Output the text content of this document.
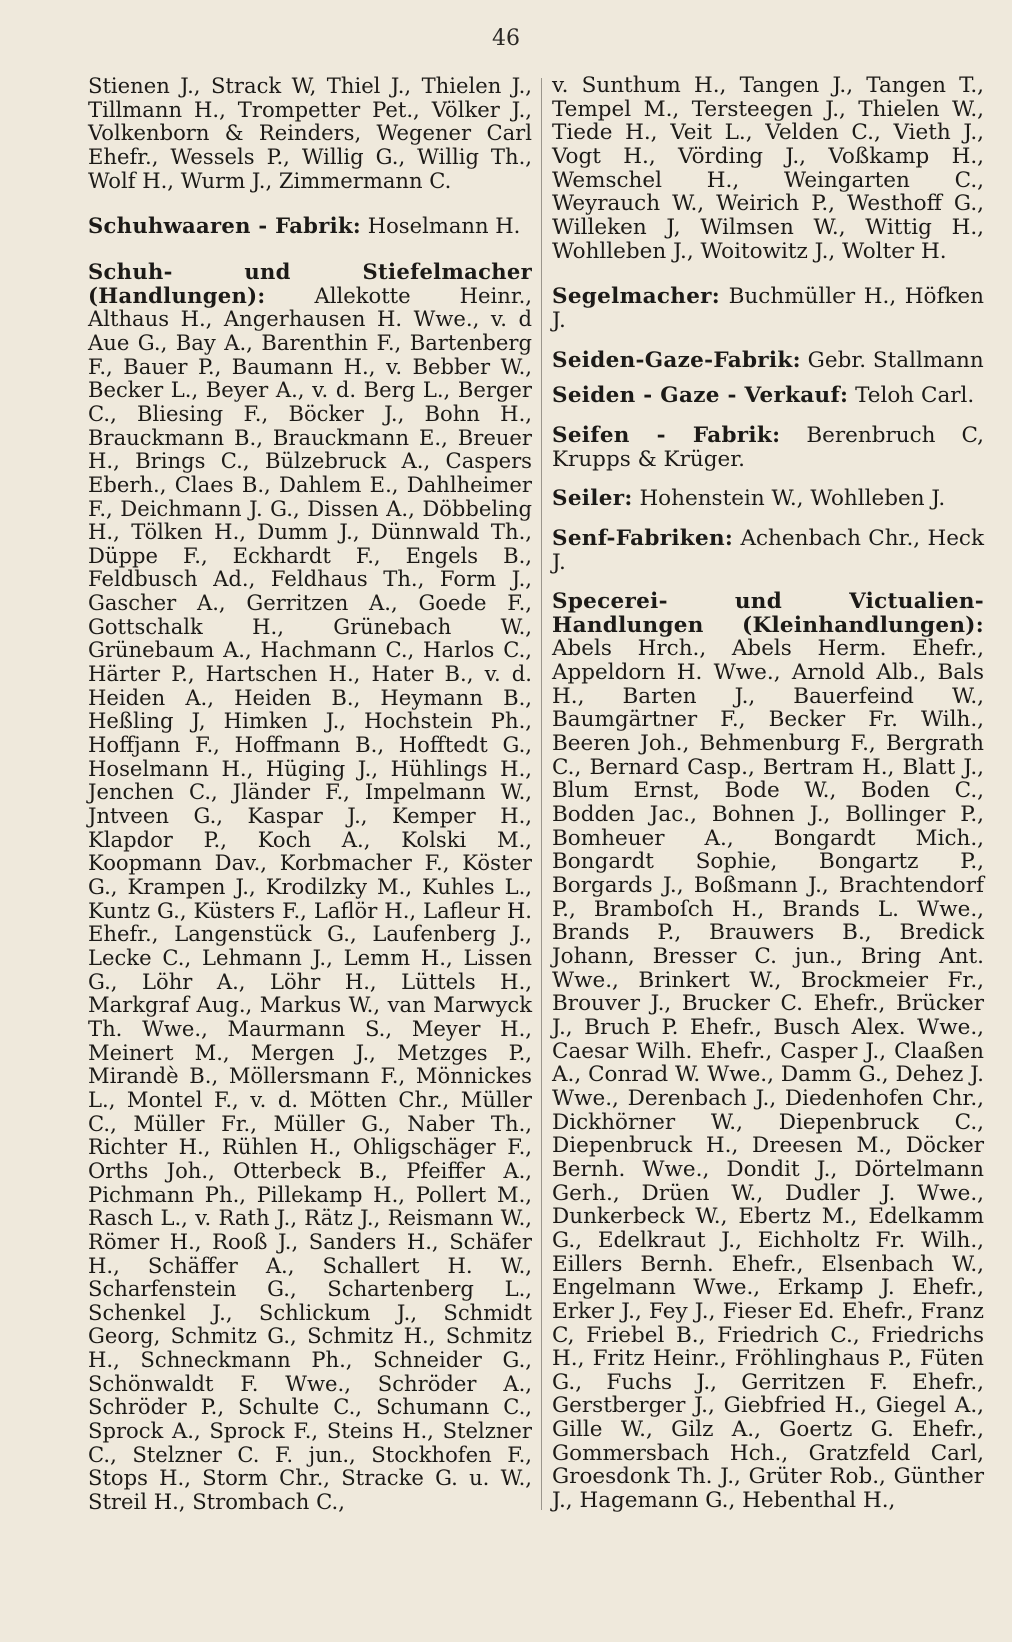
46

Stienen J., Strack W, Thiel J., Thielen J., Tillmann H., Trompetter Pet., Völker J., Volkenborn & Reinders, Wegener Carl Ehefr., Wessels P., Willig G., Willig Th., Wolf H., Wurm J., Zimmermann C.

Schuhwaaren - Fabrik: Hoselmann H.

Schuh- und Stiefelmacher (Handlungen): Allekotte Heinr., Althaus H., Angerhausen H. Wwe., v. d Aue G., Bay A., Barenthin F., Bartenberg F., Bauer P., Baumann H., v. Bebber W., Becker L., Beyer A., v. d. Berg L., Berger C., Bliesing F., Böcker J., Bohn H., Brauckmann B., Brauckmann E., Breuer H., Brings C., Bülzebruck A., Caspers Eberh., Claes B., Dahlem E., Dahlheimer F., Deichmann J. G., Dissen A., Döbbeling H., Tölken H., Dumm J., Dünnwald Th., Düppe F., Eckhardt F., Engels B., Feldbusch Ad., Feldhaus Th., Form J., Gascher A., Gerritzen A., Goede F., Gottschalk H., Grünebach W., Grünebaum A., Hachmann C., Harlos C., Härter P., Hartschen H., Hater B., v. d. Heiden A., Heiden B., Heymann B., Heßling J, Himken J., Hochstein Ph., Hoffjann F., Hoffmann B., Hofftedt G., Hoselmann H., Hüging J., Hühlings H., Jenchen C., Jländer F., Impelmann W., Jntveen G., Kaspar J., Kemper H., Klapdor P., Koch A., Kolski M., Koopmann Dav., Korbmacher F., Köster G., Krampen J., Krodilzky M., Kuhles L., Kuntz G., Küsters F., Laflör H., Lafleur H. Ehefr., Langenstück G., Laufenberg J., Lecke C., Lehmann J., Lemm H., Lissen G., Löhr A., Löhr H., Lüttels H., Markgraf Aug., Markus W., van Marwyck Th. Wwe., Maurmann S., Meyer H., Meinert M., Mergen J., Metzges P., Mirandè B., Möllersmann F., Mönnickes L., Montel F., v. d. Mötten Chr., Müller C., Müller Fr., Müller G., Naber Th., Richter H., Rühlen H., Ohligschäger F., Orths Joh., Otterbeck B., Pfeiffer A., Pichmann Ph., Pillekamp H., Pollert M., Rasch L., v. Rath J., Rätz J., Reismann W., Römer H., Rooß J., Sanders H., Schäfer H., Schäffer A., Schallert H. W., Scharfenstein G., Schartenberg L., Schenkel J., Schlickum J., Schmidt Georg, Schmitz G., Schmitz H., Schmitz H., Schneckmann Ph., Schneider G., Schönwaldt F. Wwe., Schröder A., Schröder P., Schulte C., Schumann C., Sprock A., Sprock F., Steins H., Stelzner C., Stelzner C. F. jun., Stockhofen F., Stops H., Storm Chr., Stracke G. u. W., Streil H., Strombach C.,

v. Sunthum H., Tangen J., Tangen T., Tempel M., Tersteegen J., Thielen W., Tiede H., Veit L., Velden C., Vieth J., Vogt H., Vörding J., Voßkamp H., Wemschel H., Weingarten C., Weyrauch W., Weirich P., Westhoff G., Willeken J, Wilmsen W., Wittig H., Wohlleben J., Woitowitz J., Wolter H.

Segelmacher: Buchmüller H., Höfken J.

Seiden-Gaze-Fabrik: Gebr. Stallmann

Seiden - Gaze - Verkauf: Teloh Carl.

Seifen - Fabrik: Berenbruch C, Krupps & Krüger.

Seiler: Hohenstein W., Wohlleben J.

Senf-Fabriken: Achenbach Chr., Heck J.

Specerei- und Victualien-Handlungen (Kleinhandlungen): Abels Hrch., Abels Herm. Ehefr., Appeldorn H. Wwe., Arnold Alb., Bals H., Barten J., Bauerfeind W., Baumgärtner F., Becker Fr. Wilh., Beeren Joh., Behmenburg F., Bergrath C., Bernard Casp., Bertram H., Blatt J., Blum Ernst, Bode W., Boden C., Bodden Jac., Bohnen J., Bollinger P., Bomheuer A., Bongardt Mich., Bongardt Sophie, Bongartz P., Borgards J., Boßmann J., Brachtendorf P., Bramboſch H., Brands L. Wwe., Brands P., Brauwers B., Bredick Johann, Bresser C. jun., Bring Ant. Wwe., Brinkert W., Brockmeier Fr., Brouver J., Brucker C. Ehefr., Brücker J., Bruch P. Ehefr., Busch Alex. Wwe., Caesar Wilh. Ehefr., Casper J., Claaßen A., Conrad W. Wwe., Damm G., Dehez J. Wwe., Derenbach J., Diedenhofen Chr., Dickhörner W., Diepenbruck C., Diepenbruck H., Dreesen M., Döcker Bernh. Wwe., Dondit J., Dörtelmann Gerh., Drüen W., Dudler J. Wwe., Dunkerbeck W., Ebertz M., Edelkamm G., Edelkraut J., Eichholtz Fr. Wilh., Eillers Bernh. Ehefr., Elsenbach W., Engelmann Wwe., Erkamp J. Ehefr., Erker J., Fey J., Fieser Ed. Ehefr., Franz C, Friebel B., Friedrich C., Friedrichs H., Fritz Heinr., Fröhlinghaus P., Füten G., Fuchs J., Gerritzen F. Ehefr., Gerstberger J., Giebfried H., Giegel A., Gille W., Gilz A., Goertz G. Ehefr., Gommersbach Hch., Gratzfeld Carl, Groesdonk Th. J., Grüter Rob., Günther J., Hagemann G., Hebenthal H.,
